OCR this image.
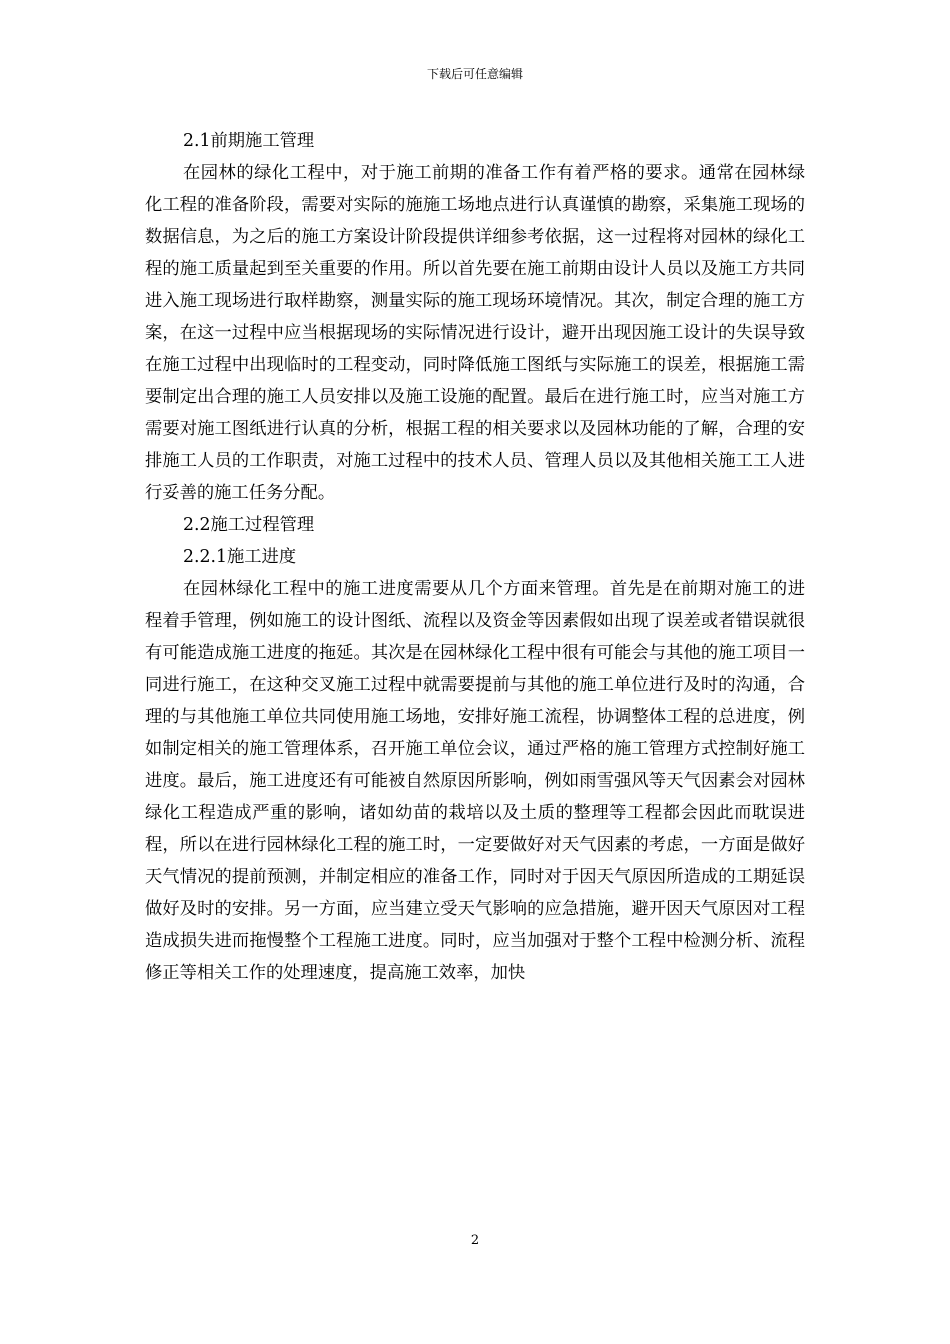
下载后可任意编辑

2.1前期施工管理

在园林的绿化工程中，对于施工前期的准备工作有着严格的要求。通常在园林绿化工程的准备阶段，需要对实际的施施工场地点进行认真谨慎的勘察，采集施工现场的数据信息，为之后的施工方案设计阶段提供详细参考依据，这一过程将对园林的绿化工程的施工质量起到至关重要的作用。所以首先要在施工前期由设计人员以及施工方共同进入施工现场进行取样勘察，测量实际的施工现场环境情况。其次，制定合理的施工方案，在这一过程中应当根据现场的实际情况进行设计，避开出现因施工设计的失误导致在施工过程中出现临时的工程变动，同时降低施工图纸与实际施工的误差，根据施工需要制定出合理的施工人员安排以及施工设施的配置。最后在进行施工时，应当对施工方需要对施工图纸进行认真的分析，根据工程的相关要求以及园林功能的了解，合理的安排施工人员的工作职责，对施工过程中的技术人员、管理人员以及其他相关施工工人进行妥善的施工任务分配。

2.2施工过程管理

2.2.1施工进度

在园林绿化工程中的施工进度需要从几个方面来管理。首先是在前期对施工的进程着手管理，例如施工的设计图纸、流程以及资金等因素假如出现了误差或者错误就很有可能造成施工进度的拖延。其次是在园林绿化工程中很有可能会与其他的施工项目一同进行施工，在这种交叉施工过程中就需要提前与其他的施工单位进行及时的沟通，合理的与其他施工单位共同使用施工场地，安排好施工流程，协调整体工程的总进度，例如制定相关的施工管理体系，召开施工单位会议，通过严格的施工管理方式控制好施工进度。最后，施工进度还有可能被自然原因所影响，例如雨雪强风等天气因素会对园林绿化工程造成严重的影响，诸如幼苗的栽培以及土质的整理等工程都会因此而耽误进程，所以在进行园林绿化工程的施工时，一定要做好对天气因素的考虑，一方面是做好天气情况的提前预测，并制定相应的准备工作，同时对于因天气原因所造成的工期延误做好及时的安排。另一方面，应当建立受天气影响的应急措施，避开因天气原因对工程造成损失进而拖慢整个工程施工进度。同时，应当加强对于整个工程中检测分析、流程修正等相关工作的处理速度，提高施工效率，加快

2
